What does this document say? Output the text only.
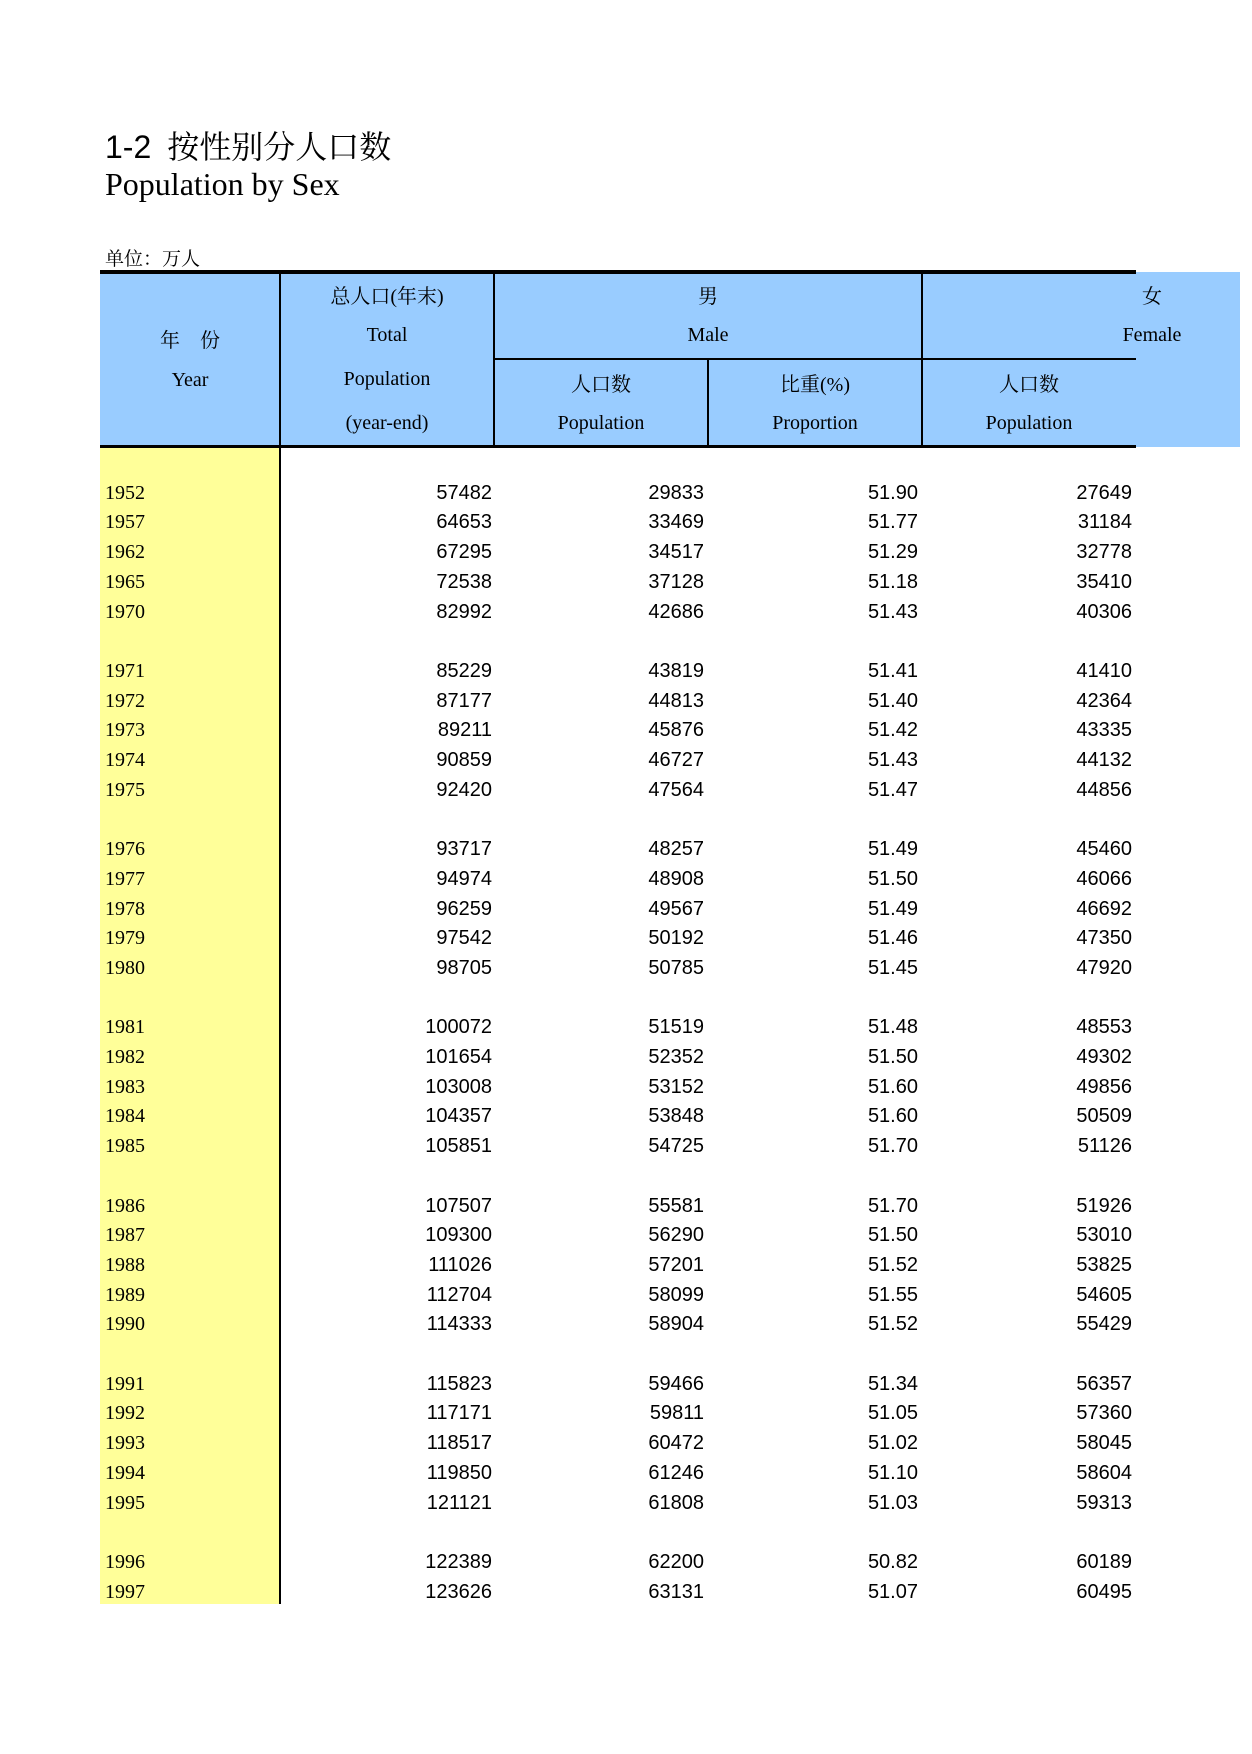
1-2 按性别分人口数
Population by Sex
单位：万人
年　份
Year
总人口(年末)
Total
Population
(year-end)
男
Male
人口数
Population
比重(%)
Proportion
女
Female
人口数
Population
1952	57482	29833	51.90	27649
1957	64653	33469	51.77	31184
1962	67295	34517	51.29	32778
1965	72538	37128	51.18	35410
1970	82992	42686	51.43	40306
1971	85229	43819	51.41	41410
1972	87177	44813	51.40	42364
1973	89211	45876	51.42	43335
1974	90859	46727	51.43	44132
1975	92420	47564	51.47	44856
1976	93717	48257	51.49	45460
1977	94974	48908	51.50	46066
1978	96259	49567	51.49	46692
1979	97542	50192	51.46	47350
1980	98705	50785	51.45	47920
1981	100072	51519	51.48	48553
1982	101654	52352	51.50	49302
1983	103008	53152	51.60	49856
1984	104357	53848	51.60	50509
1985	105851	54725	51.70	51126
1986	107507	55581	51.70	51926
1987	109300	56290	51.50	53010
1988	111026	57201	51.52	53825
1989	112704	58099	51.55	54605
1990	114333	58904	51.52	55429
1991	115823	59466	51.34	56357
1992	117171	59811	51.05	57360
1993	118517	60472	51.02	58045
1994	119850	61246	51.10	58604
1995	121121	61808	51.03	59313
1996	122389	62200	50.82	60189
1997	123626	63131	51.07	60495
